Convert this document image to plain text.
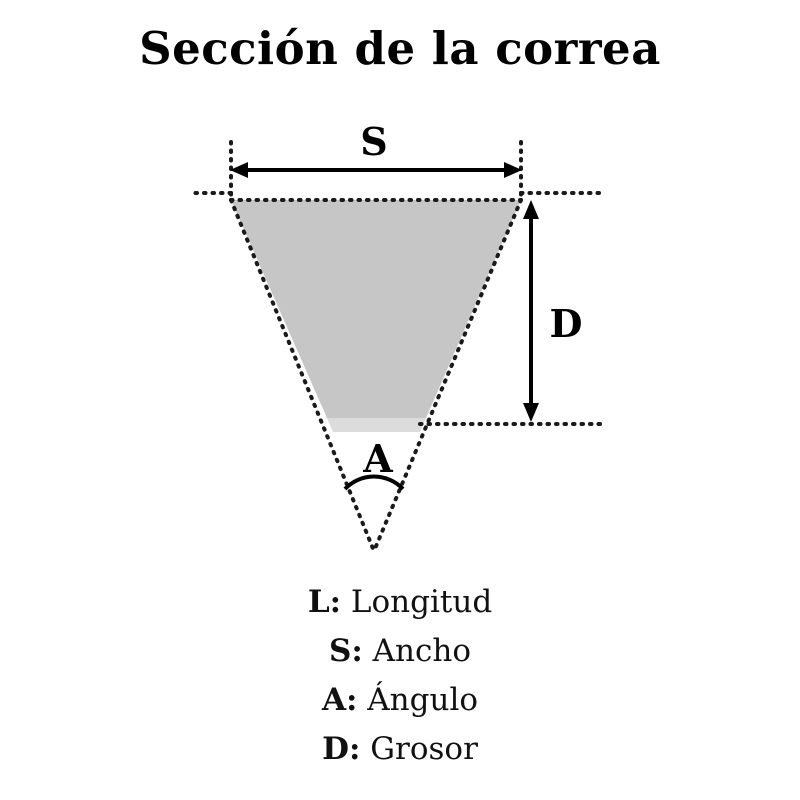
Sección de la correa
S
D
A
L: Longitud
S: Ancho
A: Ángulo
D: Grosor
